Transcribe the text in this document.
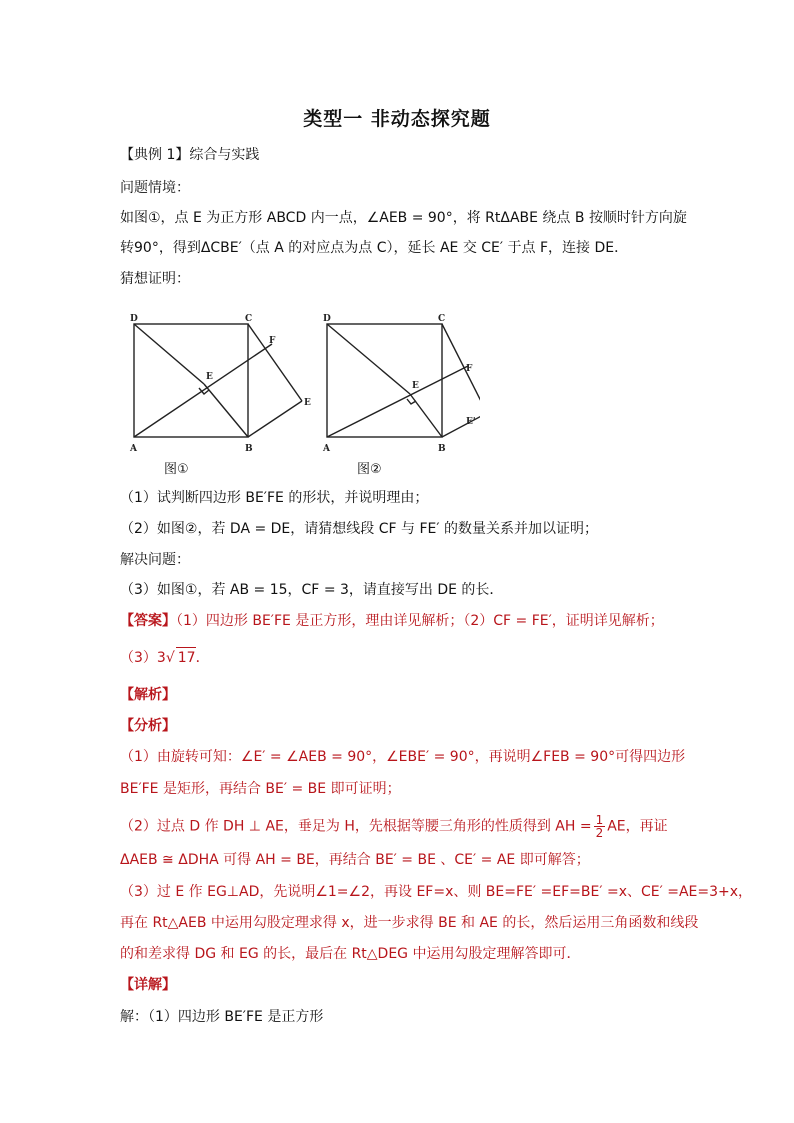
类型一 非动态探究题
【典例 1】综合与实践
问题情境：
如图①，点 E 为正方形 ABCD 内一点，∠AEB = 90°，将 RtΔABE 绕点 B 按顺时针方向旋
转90°，得到ΔCBE′（点 A 的对应点为点 C），延长 AE 交 CE′ 于点 F，连接 DE．
猜想证明：
D	C
A	B
E
F
E
D	C
A	B
E
F
E'
图①	图②
（1）试判断四边形 BE′FE 的形状，并说明理由；
（2）如图②，若 DA = DE，请猜想线段 CF 与 FE′ 的数量关系并加以证明；
解决问题：
（3）如图①，若 AB = 15，CF = 3，请直接写出 DE 的长．
【答案】（1）四边形 BE′FE 是正方形，理由详见解析；（2）CF = FE′，证明详见解析；
（3）3√ 17．
【解析】
【分析】
（1）由旋转可知：∠E′ = ∠AEB = 90°，∠EBE′ = 90°，再说明∠FEB = 90°可得四边形
BE′FE 是矩形，再结合 BE′ = BE 即可证明；
（2）过点 D 作 DH ⊥ AE，垂足为 H，先根据等腰三角形的性质得到 AH = $\frac{1}{2}$ AE，再证
ΔAEB ≅ ΔDHA 可得 AH = BE，再结合 BE′ = BE 、CE′ = AE 即可解答；
（3）过 E 作 EG⊥AD，先说明∠1=∠2，再设 EF=x、则 BE=FE′ =EF=BE′ =x、CE′ =AE=3+x，
再在 Rt△AEB 中运用勾股定理求得 x，进一步求得 BE 和 AE 的长，然后运用三角函数和线段
的和差求得 DG 和 EG 的长，最后在 Rt△DEG 中运用勾股定理解答即可．
【详解】
解：（1）四边形 BE′FE 是正方形
